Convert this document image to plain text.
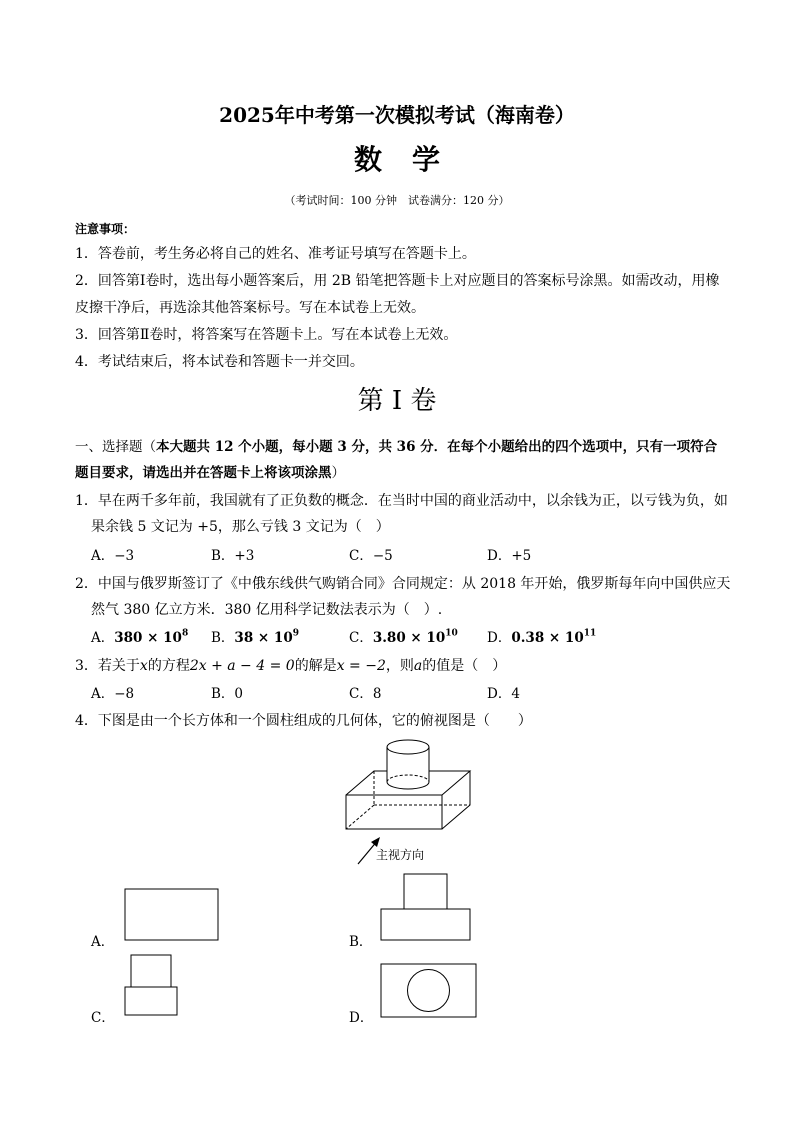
2025年中考第一次模拟考试（海南卷）
数学
（考试时间：100 分钟　试卷满分：120 分）
注意事项：
1．答卷前，考生务必将自己的姓名、准考证号填写在答题卡上。
2．回答第Ⅰ卷时，选出每小题答案后，用 2B 铅笔把答题卡上对应题目的答案标号涂黑。如需改动，用橡
皮擦干净后，再选涂其他答案标号。写在本试卷上无效。
3．回答第Ⅱ卷时，将答案写在答题卡上。写在本试卷上无效。
4．考试结束后，将本试卷和答题卡一并交回。
第 I 卷
一、选择题（本大题共 12 个小题，每小题 3 分，共 36 分．在每个小题给出的四个选项中，只有一项符合
题目要求，请选出并在答题卡上将该项涂黑）
1．早在两千多年前，我国就有了正负数的概念．在当时中国的商业活动中，以余钱为正，以亏钱为负，如
果余钱 5 文记为 +5，那么亏钱 3 文记为（　）
A．−3	B．+3	C．−5	D．+5
2．中国与俄罗斯签订了《中俄东线供气购销合同》合同规定：从 2018 年开始，俄罗斯每年向中国供应天
然气 380 亿立方米．380 亿用科学记数法表示为（　）.
A．$380 \times 10^8$ B．$38 \times 10^9$	C．$3.80 \times 10^{10}$ D．$0.38 \times 10^{11}$
3．若关于x的方程2x + a − 4 = 0的解是x = −2，则a的值是（　）
A．−8	B．0	C．8	D．4
4．下图是由一个长方体和一个圆柱组成的几何体，它的俯视图是（　　）
主视方向
A．	B．
C．	D．
